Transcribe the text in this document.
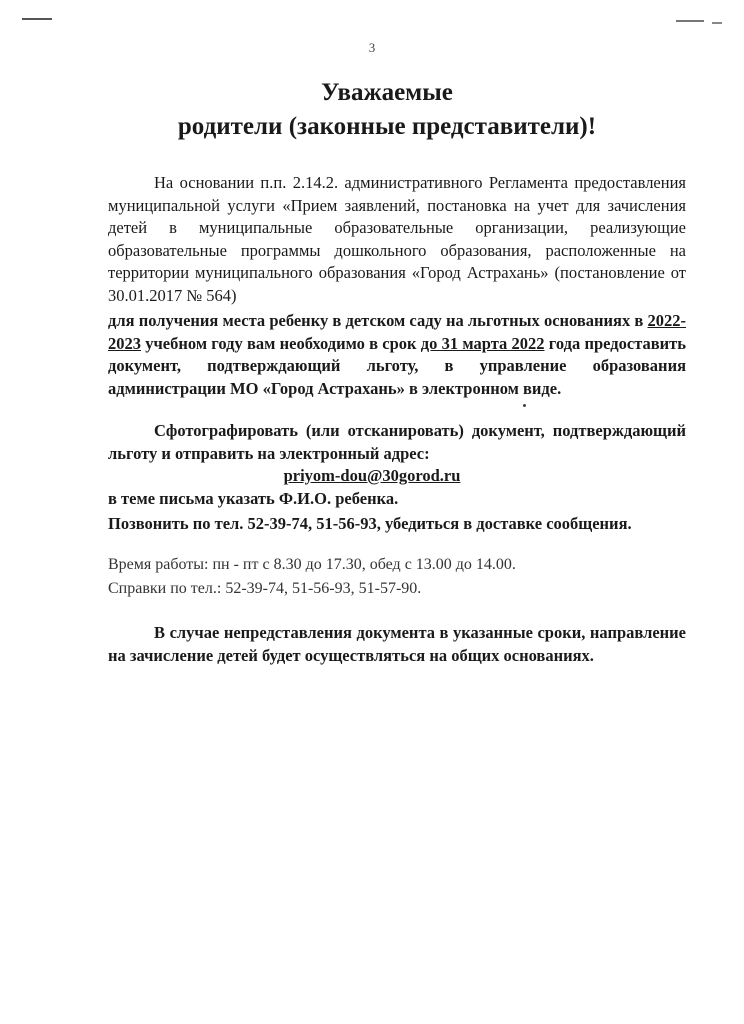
3
Уважаемые
родители (законные представители)!
На основании п.п. 2.14.2. административного Регламента предоставления муниципальной услуги «Прием заявлений, постановка на учет для зачисления детей в муниципальные образовательные организации, реализующие образовательные программы дошкольного образования, расположенные на территории муниципального образования «Город Астрахань» (постановление от 30.01.2017 № 564)
для получения места ребенку в детском саду на льготных основаниях в 2022-2023 учебном году вам необходимо в срок до 31 марта 2022 года предоставить документ, подтверждающий льготу, в управление образования администрации МО «Город Астрахань» в электронном виде.
Сфотографировать (или отсканировать) документ, подтверждающий льготу и отправить на электронный адрес:
priyom-dou@30gorod.ru
в теме письма указать Ф.И.О. ребенка.
Позвонить по тел. 52-39-74, 51-56-93, убедиться в доставке сообщения.
Время работы: пн - пт с 8.30 до 17.30, обед с 13.00 до 14.00.
Справки по тел.: 52-39-74, 51-56-93, 51-57-90.
В случае непредставления документа в указанные сроки, направление на зачисление детей будет осуществляться на общих основаниях.
